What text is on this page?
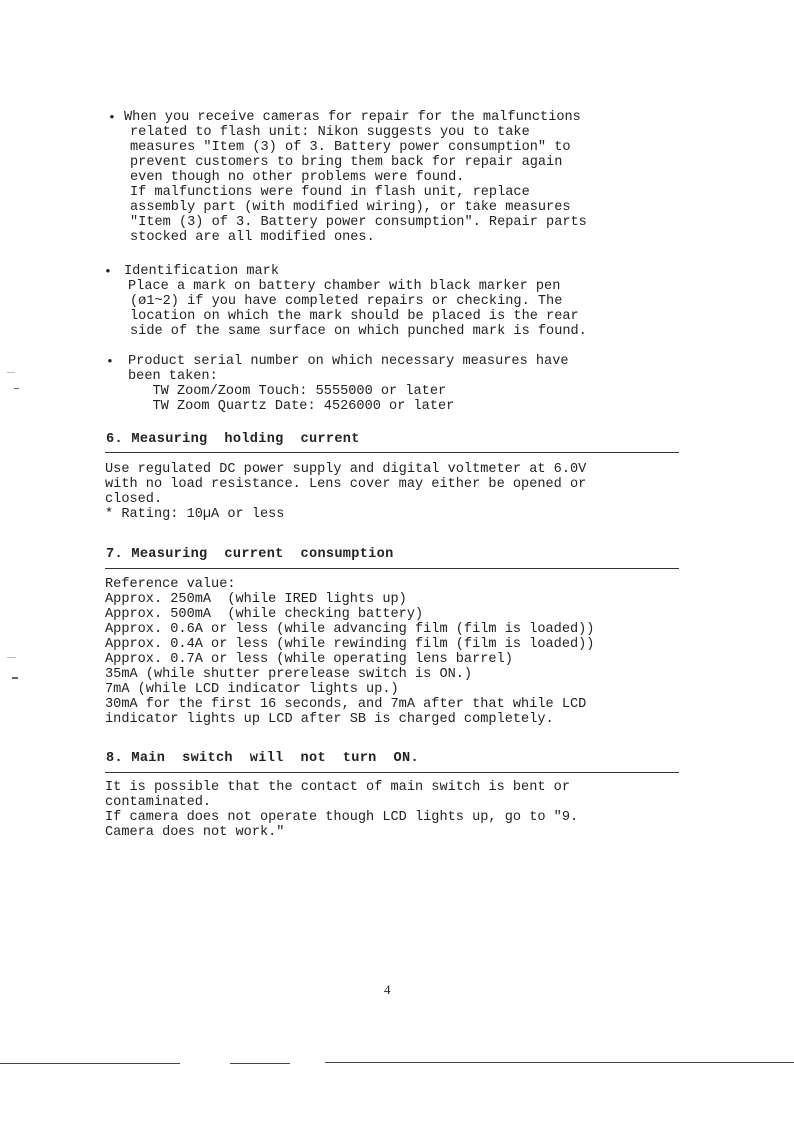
• When you receive cameras for repair for the malfunctions
related to flash unit: Nikon suggests you to take
measures "Item (3) of 3. Battery power consumption" to
prevent customers to bring them back for repair again
even though no other problems were found.
If malfunctions were found in flash unit, replace
assembly part (with modified wiring), or take measures
"Item (3) of 3. Battery power consumption". Repair parts
stocked are all modified ones.
• Identification mark
Place a mark on battery chamber with black marker pen
(ø1~2) if you have completed repairs or checking. The
location on which the mark should be placed is the rear
side of the same surface on which punched mark is found.
• Product serial number on which necessary measures have
been taken:
TW Zoom/Zoom Touch: 5555000 or later
TW Zoom Quartz Date: 4526000 or later
6. Measuring  holding  current
Use regulated DC power supply and digital voltmeter at 6.0V
with no load resistance. Lens cover may either be opened or
closed.
* Rating: 10µA or less
7. Measuring  current  consumption
Reference value:
Approx. 250mA  (while IRED lights up)
Approx. 500mA  (while checking battery)
Approx. 0.6A or less (while advancing film (film is loaded))
Approx. 0.4A or less (while rewinding film (film is loaded))
Approx. 0.7A or less (while operating lens barrel)
35mA (while shutter prerelease switch is ON.)
7mA (while LCD indicator lights up.)
30mA for the first 16 seconds, and 7mA after that while LCD
indicator lights up LCD after SB is charged completely.
8. Main  switch  will  not  turn  ON.
It is possible that the contact of main switch is bent or
contaminated.
If camera does not operate though LCD lights up, go to "9.
Camera does not work."
4
